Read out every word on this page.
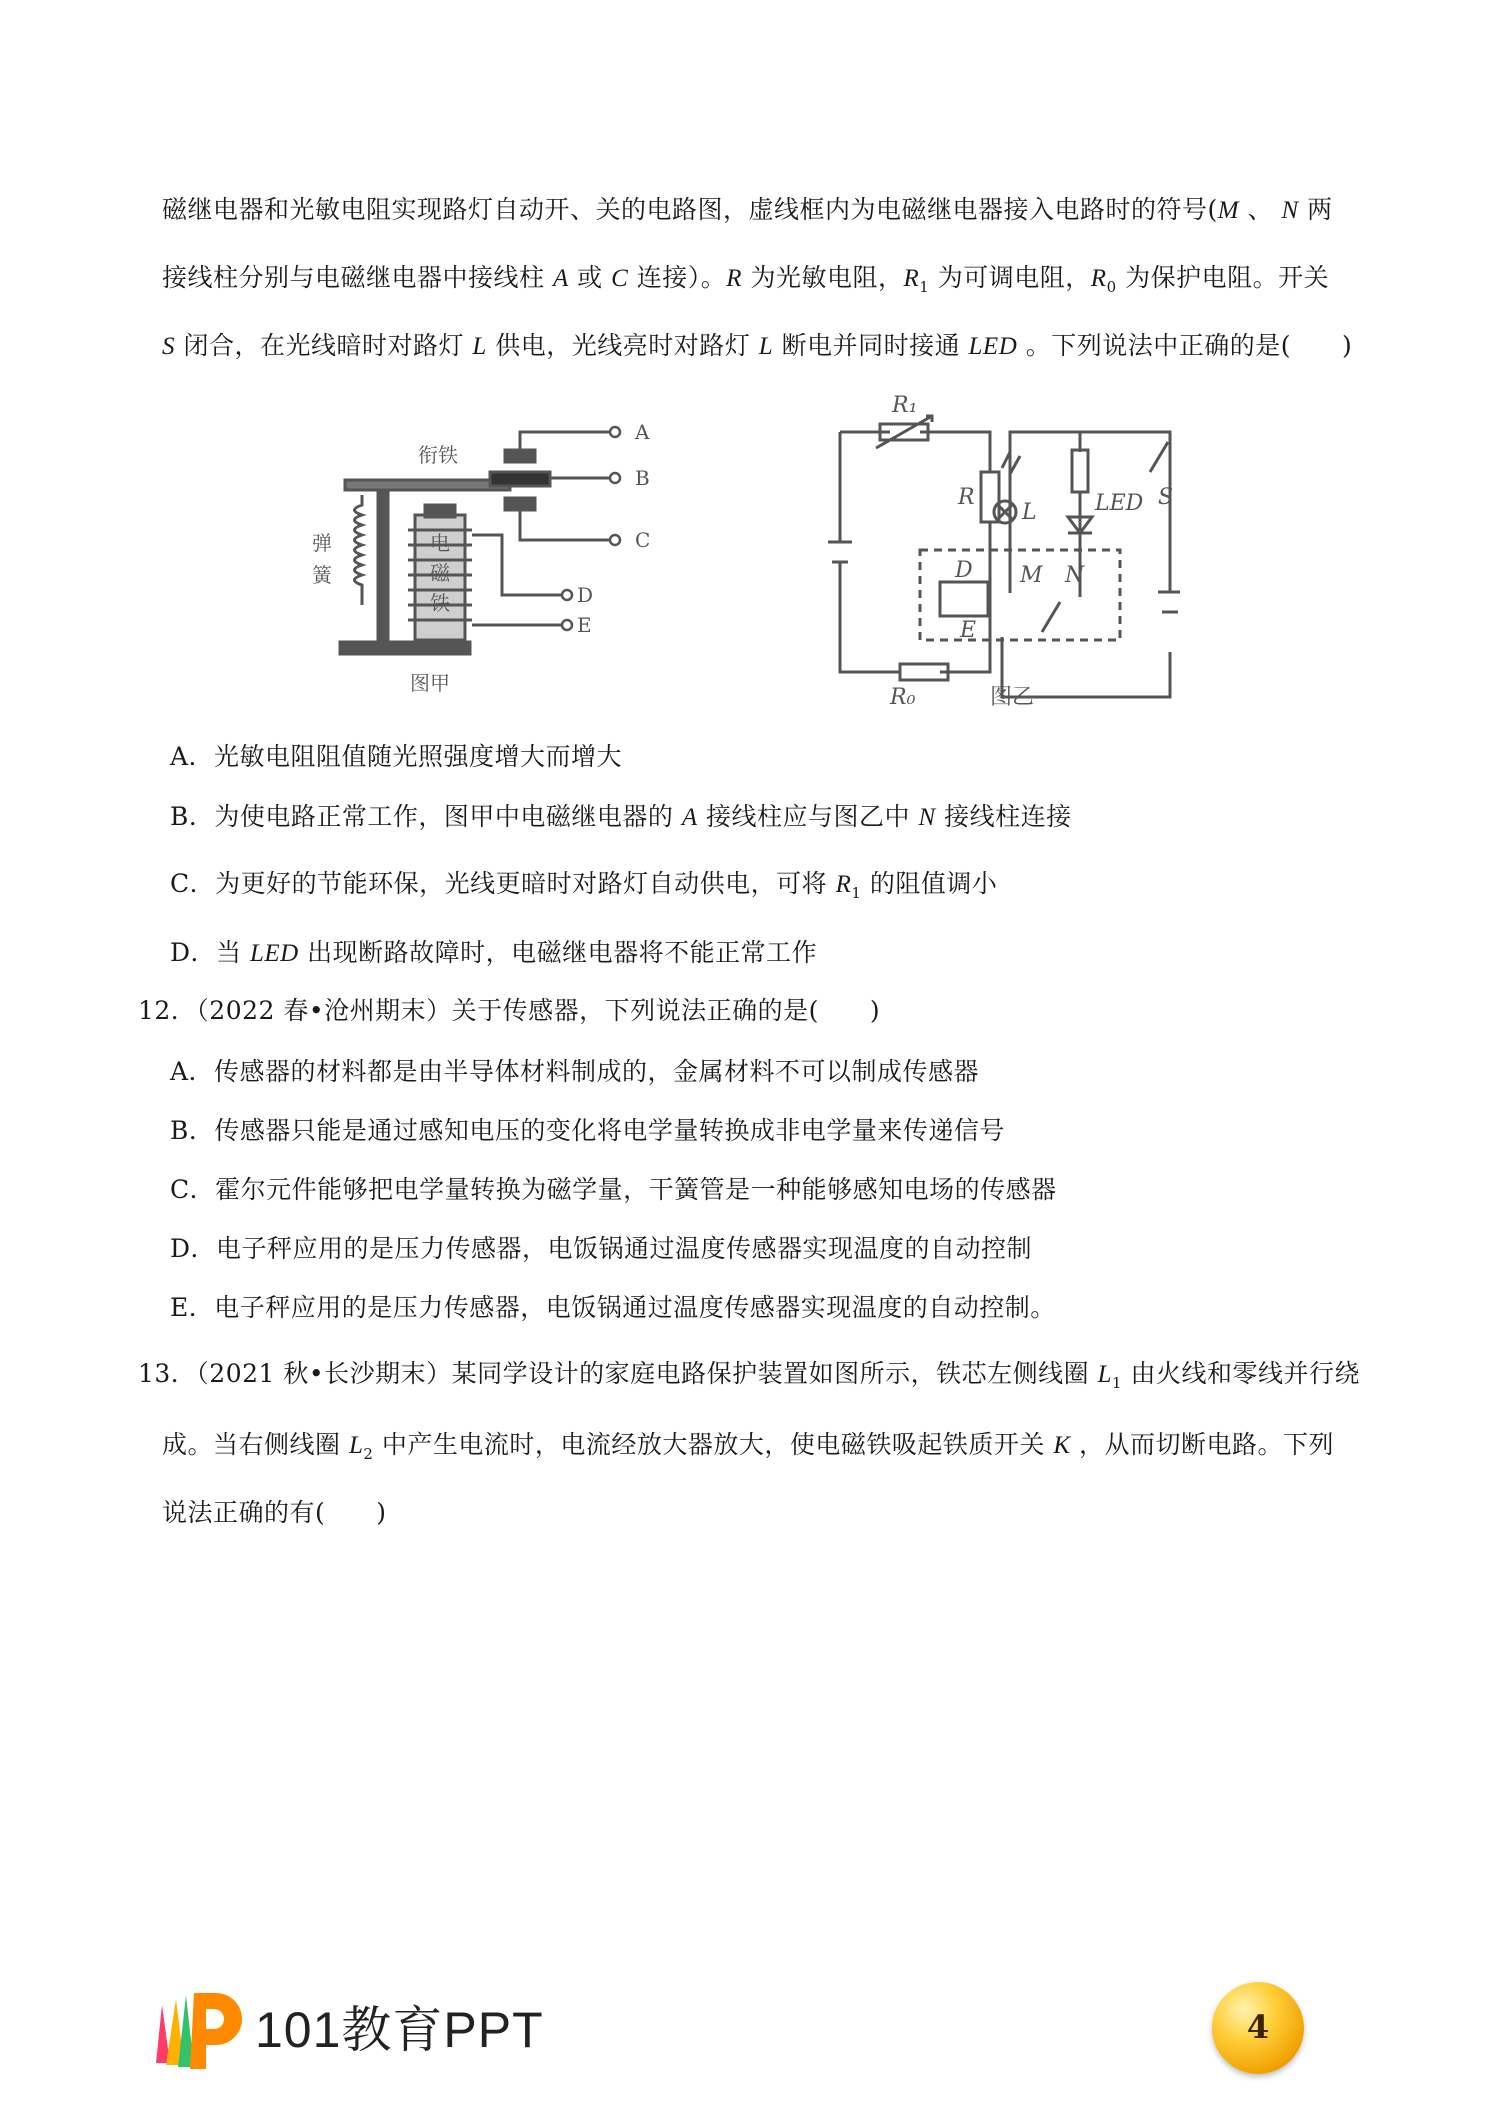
磁继电器和光敏电阻实现路灯自动开、关的电路图，虚线框内为电磁继电器接入电路时的符号(M 、 N 两
接线柱分别与电磁继电器中接线柱 A 或 C 连接）。R 为光敏电阻，$R_1$ 为可调电阻，$R_0$ 为保护电阻。开关
S 闭合，在光线暗时对路灯 L 供电，光线亮时对路灯 L 断电并同时接通 LED 。下列说法中正确的是(　　)
A
B
C
D
E
衔铁
弹
簧
电
磁
铁
图甲
R₁
R
R₀
L	LED S
D
E
M N
图乙
A．光敏电阻阻值随光照强度增大而增大
B．为使电路正常工作，图甲中电磁继电器的 A 接线柱应与图乙中 N 接线柱连接
C．为更好的节能环保，光线更暗时对路灯自动供电，可将 $R_1$ 的阻值调小
D．当 LED 出现断路故障时，电磁继电器将不能正常工作
12．（2022 春•沧州期末）关于传感器，下列说法正确的是(　　)
A．传感器的材料都是由半导体材料制成的，金属材料不可以制成传感器
B．传感器只能是通过感知电压的变化将电学量转换成非电学量来传递信号
C．霍尔元件能够把电学量转换为磁学量，干簧管是一种能够感知电场的传感器
D．电子秤应用的是压力传感器，电饭锅通过温度传感器实现温度的自动控制
E．电子秤应用的是压力传感器，电饭锅通过温度传感器实现温度的自动控制。
13．（2021 秋•长沙期末）某同学设计的家庭电路保护装置如图所示，铁芯左侧线圈 $L_1$ 由火线和零线并行绕
成。当右侧线圈 $L_2$ 中产生电流时，电流经放大器放大，使电磁铁吸起铁质开关 K ，从而切断电路。下列
说法正确的有(　　)
101教育PPT	4
